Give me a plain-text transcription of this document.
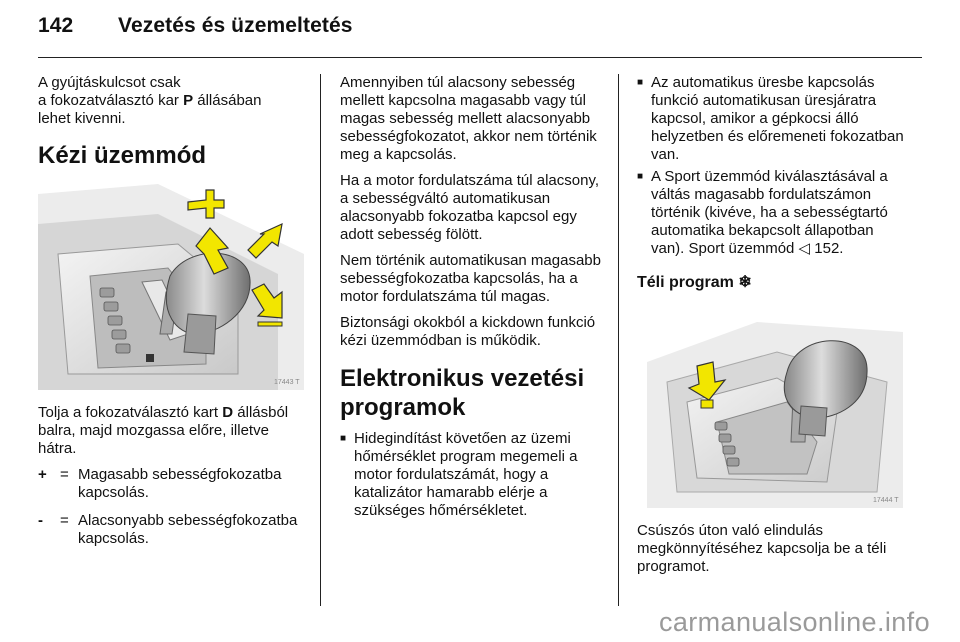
142 Vezetés és üzemeltetés

A gyújtáskulcsot csak
a fokozatválasztó kar P állásában
lehet kivenni.

Kézi üzemmód
17443 T

Tolja a fokozatválasztó kart D állásból balra, majd mozgassa előre, illetve hátra.

+ = Magasabb sebességfokozatba kapcsolás.
-	= Alacsonyabb sebességfokozatba kapcsolás.

Amennyiben túl alacsony sebesség mellett kapcsolna magasabb vagy túl magas sebesség mellett alacsonyabb sebességfokozatot, akkor nem történik meg a kapcsolás.

Ha a motor fordulatszáma túl alacsony, a sebességváltó automatikusan alacsonyabb fokozatba kapcsol egy adott sebesség fölött.

Nem történik automatikusan magasabb sebességfokozatba kapcsolás, ha a motor fordulatszáma túl magas.

Biztonsági okokból a kickdown funkció kézi üzemmódban is működik.

Elektronikus vezetési programok
■ Hidegindítást követően az üzemi hőmérséklet program megemeli a motor fordulatszámát, hogy a katalizátor hamarabb elérje a szükséges hőmérsékletet.
■ Az automatikus üresbe kapcsolás funkció automatikusan üresjáratra kapcsol, amikor a gépkocsi álló helyzetben és előremeneti fokozatban van.
■ A Sport üzemmód kiválasztásával a váltás magasabb fordulatszámon történik (kivéve, ha a sebességtartó automatika bekapcsolt állapotban van). Sport üzemmód ◁ 152.
Téli program ❄
17444 T

Csúszós úton való elindulás megkönnyítéséhez kapcsolja be a téli programot.

carmanualsonline.info
